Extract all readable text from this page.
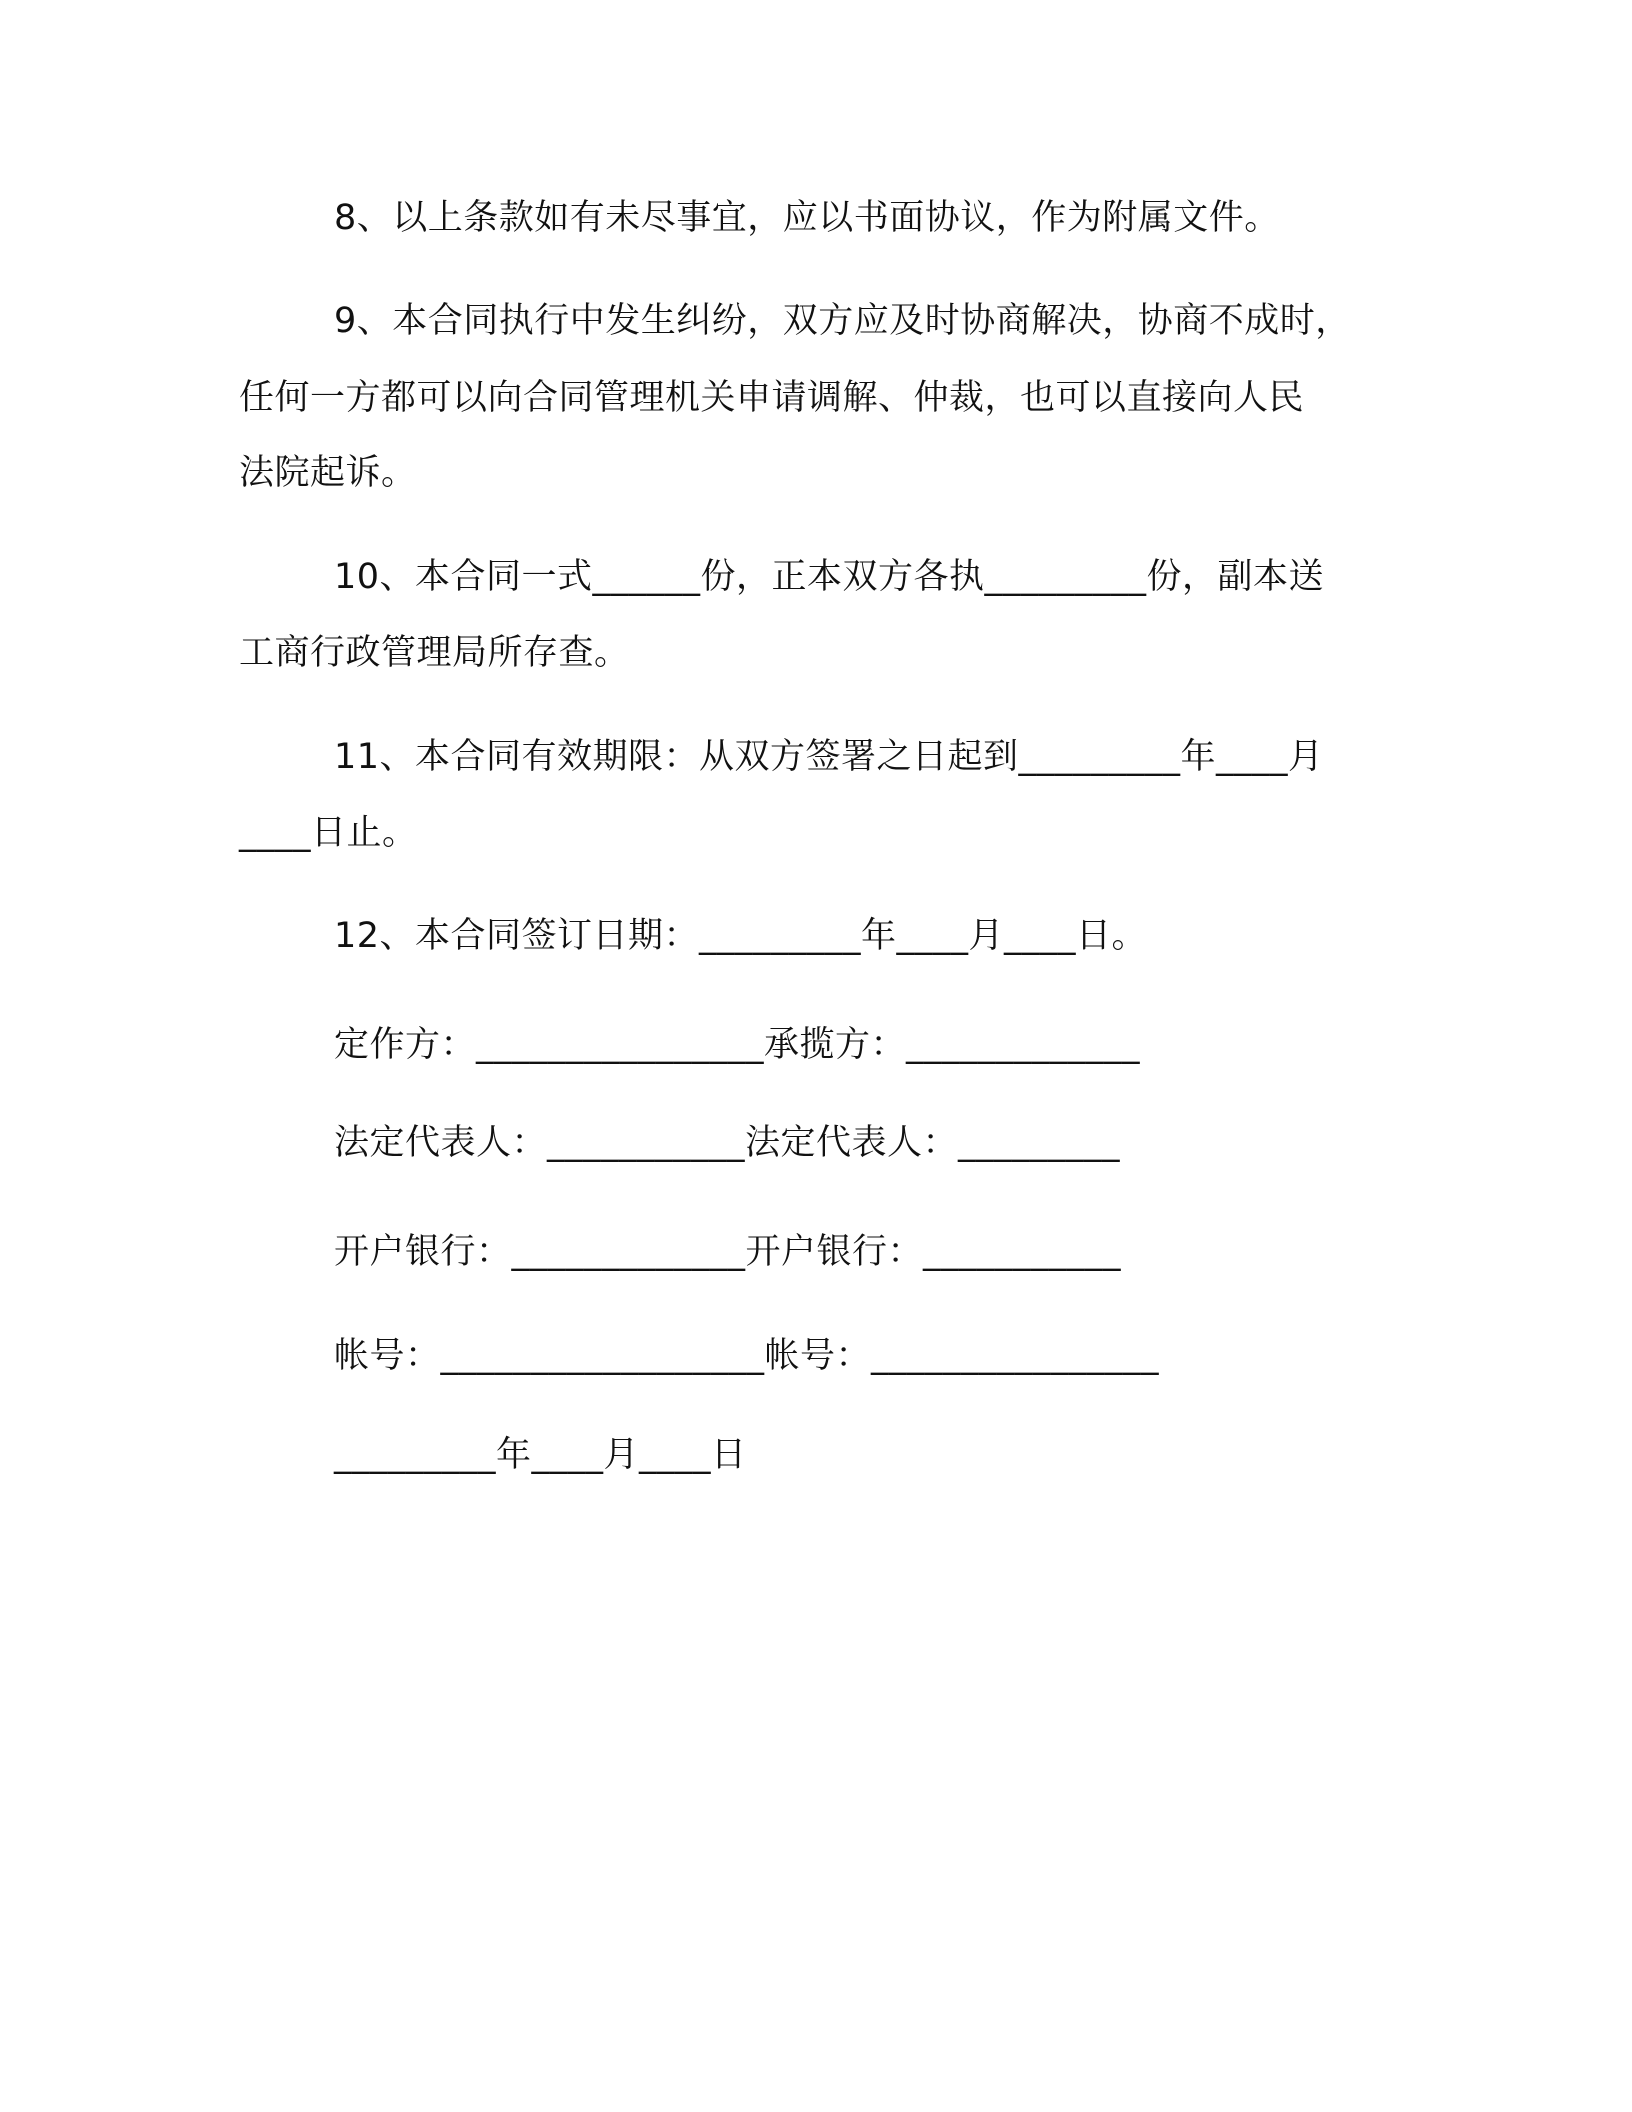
8、以上条款如有未尽事宜，应以书面协议，作为附属文件。
9、本合同执行中发生纠纷，双方应及时协商解决，协商不成时，
任何一方都可以向合同管理机关申请调解、仲裁，也可以直接向人民
法院起诉。
10、本合同一式______份，正本双方各执_________份，副本送
工商行政管理局所存查。
11、本合同有效期限：从双方签署之日起到_________年____月
____日止。
12、本合同签订日期：_________年____月____日。
定作方：________________承揽方：_____________
法定代表人：___________法定代表人：_________
开户银行：_____________开户银行：___________
帐号：__________________帐号：________________
_________年____月____日
